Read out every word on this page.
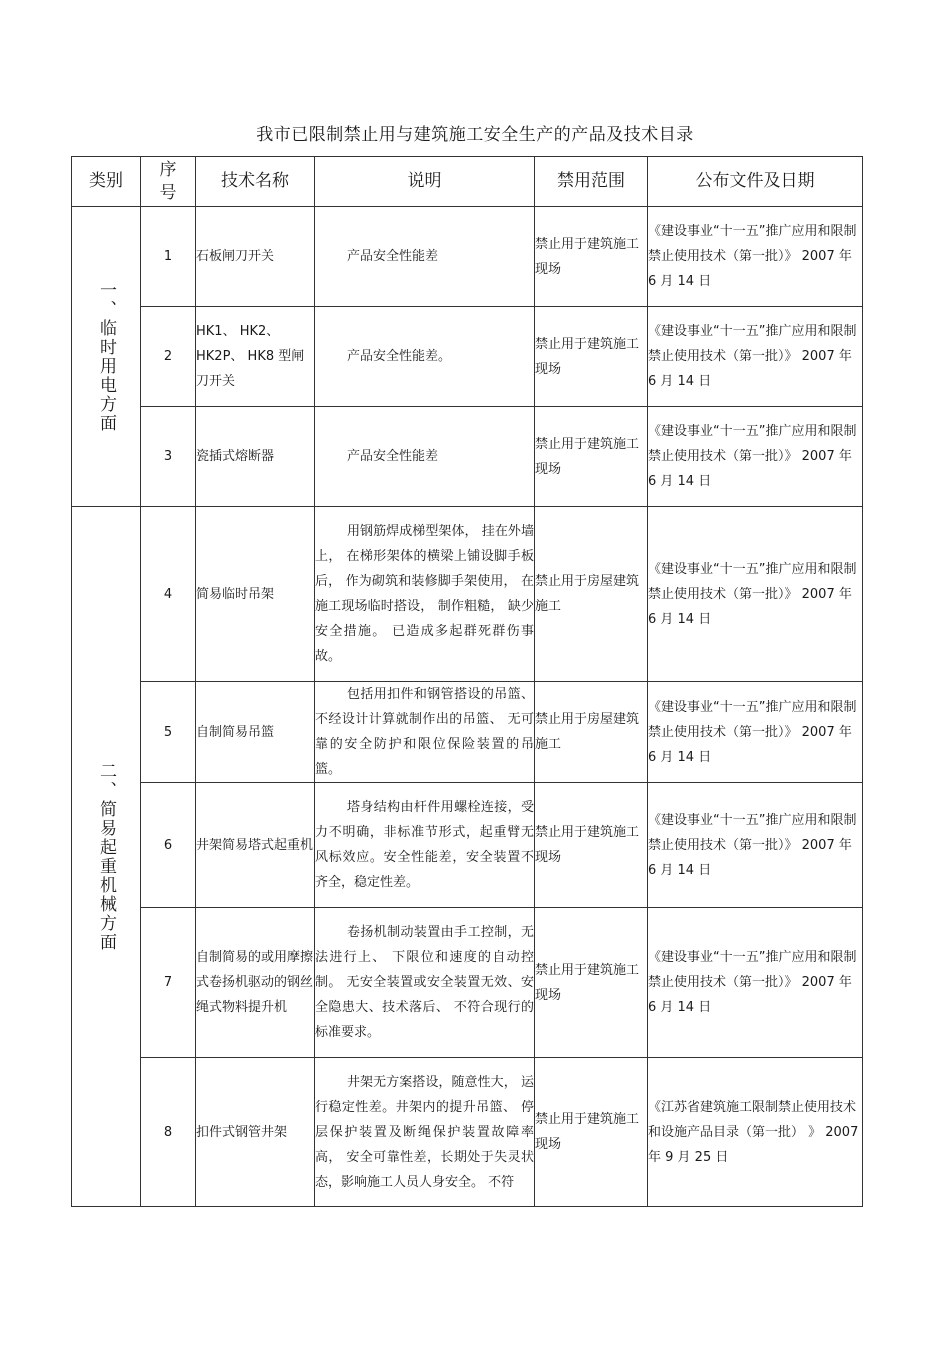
我市已限制禁止用与建筑施工安全生产的产品及技术目录
类别	序号	技术名称	说明	禁用范围	公布文件及日期

一、临时用电方面	1	石板闸刀开关	产品安全性能差	禁止用于建筑施工现场	《建设事业“十一五”推广应用和限制禁止使用技术（第一批）》 2007 年 6 月 14 日
	2	HK1、 HK2、 HK2P、 HK8 型闸刀开关	产品安全性能差。	禁止用于建筑施工现场	《建设事业“十一五”推广应用和限制禁止使用技术（第一批）》 2007 年 6 月 14 日
	3	瓷插式熔断器	产品安全性能差	禁止用于建筑施工现场	《建设事业“十一五”推广应用和限制禁止使用技术（第一批）》 2007 年 6 月 14 日

二、简易起重机械方面	4	简易临时吊架	用钢筋焊成梯型架体， 挂在外墙上， 在梯形架体的横梁上铺设脚手板后， 作为砌筑和装修脚手架使用， 在施工现场临时搭设， 制作粗糙， 缺少安全措施。 已造成多起群死群伤事故。	禁止用于房屋建筑施工	《建设事业“十一五”推广应用和限制禁止使用技术（第一批）》 2007 年 6 月 14 日
	5	自制简易吊篮	包括用扣件和钢管搭设的吊篮、 不经设计计算就制作出的吊篮、 无可靠的安全防护和限位保险装置的吊篮。	禁止用于房屋建筑施工	《建设事业“十一五”推广应用和限制禁止使用技术（第一批）》 2007 年 6 月 14 日
	6	井架简易塔式起重机	塔身结构由杆件用螺栓连接，受力不明确，非标准节形式，起重臂无风标效应。安全性能差，安全装置不齐全，稳定性差。	禁止用于建筑施工现场	《建设事业“十一五”推广应用和限制禁止使用技术（第一批）》 2007 年 6 月 14 日
	7	自制简易的或用摩擦式卷扬机驱动的钢丝绳式物料提升机	卷扬机制动装置由手工控制，无法进行上、 下限位和速度的自动控制。 无安全装置或安全装置无效、安全隐患大、技术落后、 不符合现行的标准要求。	禁止用于建筑施工现场	《建设事业“十一五”推广应用和限制禁止使用技术（第一批）》 2007 年 6 月 14 日
	8	扣件式钢管井架	井架无方案搭设，随意性大， 运行稳定性差。井架内的提升吊篮、 停层保护装置及断绳保护装置故障率高， 安全可靠性差，长期处于失灵状态，影响施工人员人身安全。 不符	禁止用于建筑施工现场	《江苏省建筑施工限制禁止使用技术和设施产品目录（第一批） 》 2007 年 9 月 25 日
